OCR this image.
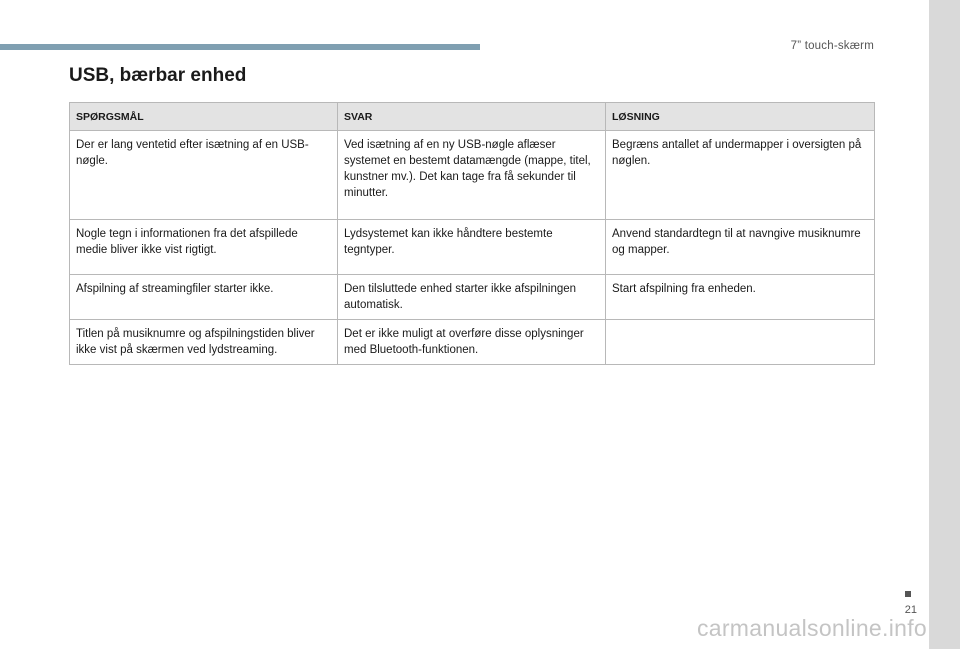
7” touch-skærm
USB, bærbar enhed
SPØRGSMÅL	SVAR	LØSNING
Der er lang ventetid efter isætning af en USB-nøgle.	Ved isætning af en ny USB-nøgle aflæser systemet en bestemt datamængde (mappe, titel, kunstner mv.). Det kan tage fra få sekunder til minutter.	Begræns antallet af undermapper i oversigten på nøglen.
Nogle tegn i informationen fra det afspillede medie bliver ikke vist rigtigt.	Lydsystemet kan ikke håndtere bestemte tegntyper.	Anvend standardtegn til at navngive musiknumre og mapper.
Afspilning af streamingfiler starter ikke.	Den tilsluttede enhed starter ikke afspilningen automatisk.	Start afspilning fra enheden.
Titlen på musiknumre og afspilningstiden bliver ikke vist på skærmen ved lydstreaming.	Det er ikke muligt at overføre disse oplysninger med Bluetooth-funktionen.	
21
carmanualsonline.info
